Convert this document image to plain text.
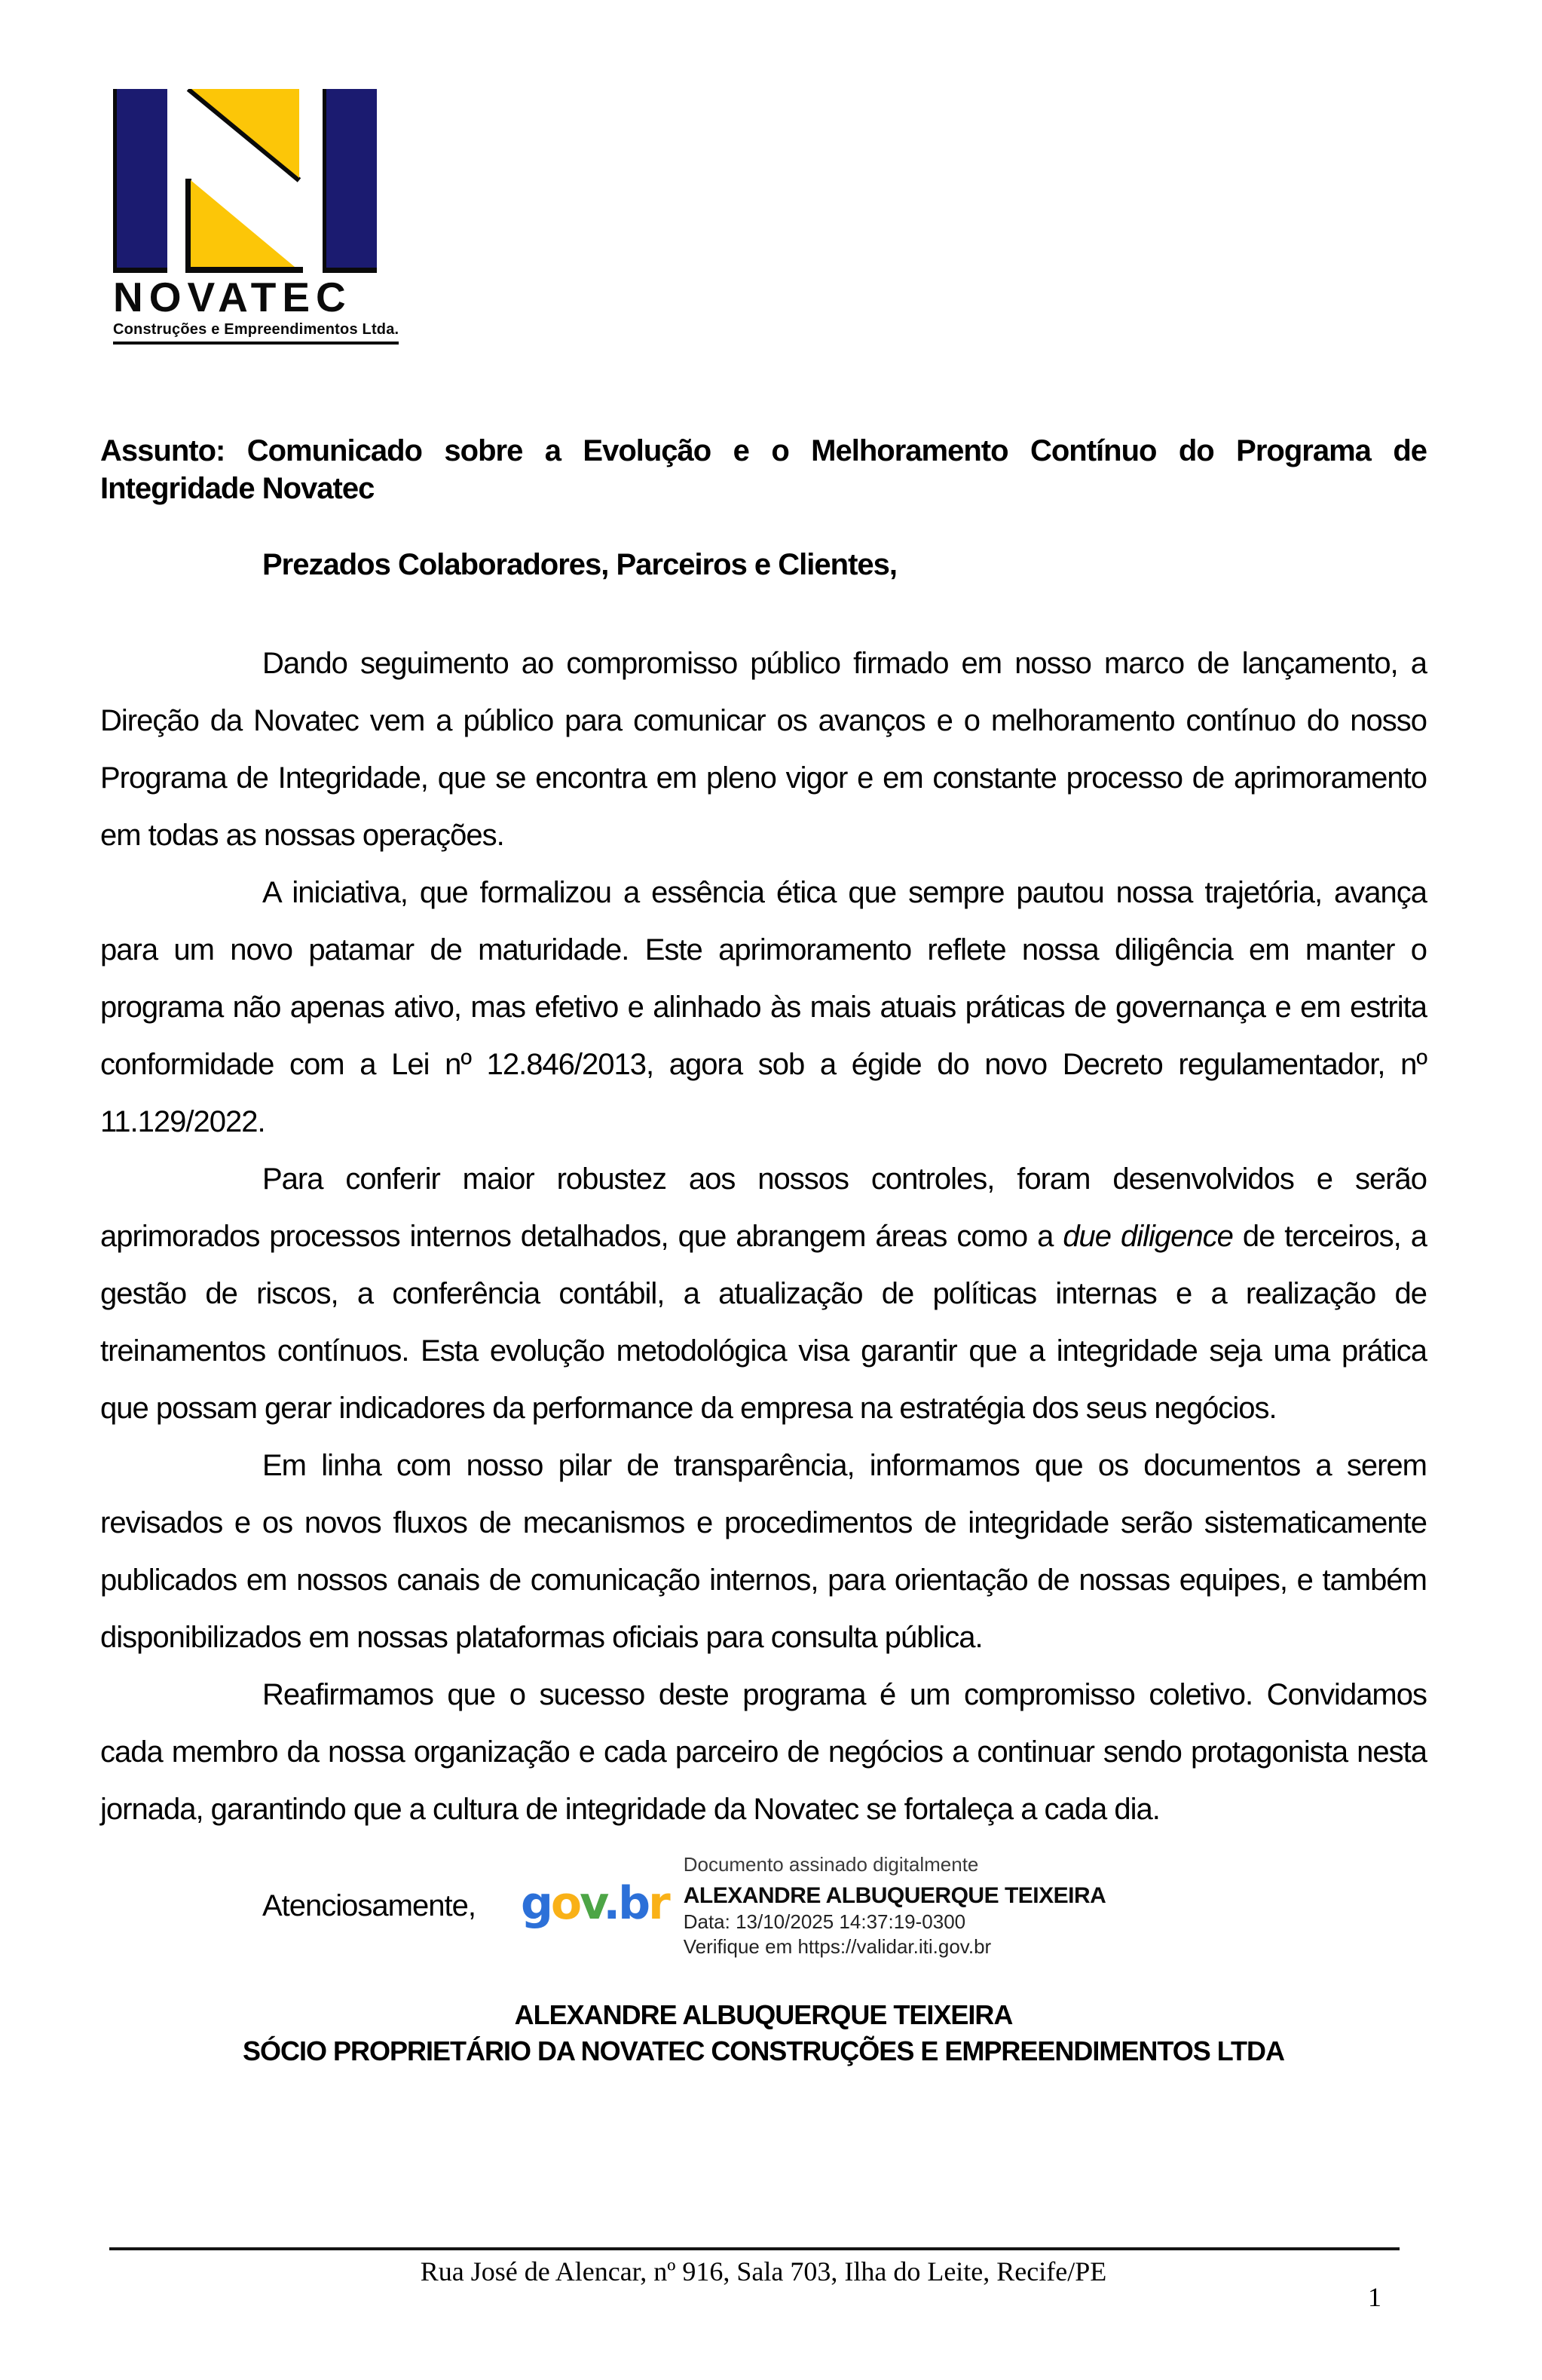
NOVATEC
Construções e Empreendimentos Ltda.

Assunto: Comunicado sobre a Evolução e o Melhoramento Contínuo do Programa de Integridade Novatec

Prezados Colaboradores, Parceiros e Clientes,

Dando seguimento ao compromisso público firmado em nosso marco de lançamento, a Direção da Novatec vem a público para comunicar os avanços e o melhoramento contínuo do nosso Programa de Integridade, que se encontra em pleno vigor e em constante processo de aprimoramento em todas as nossas operações.

A iniciativa, que formalizou a essência ética que sempre pautou nossa trajetória, avança para um novo patamar de maturidade. Este aprimoramento reflete nossa diligência em manter o programa não apenas ativo, mas efetivo e alinhado às mais atuais práticas de governança e em estrita conformidade com a Lei nº 12.846/2013, agora sob a égide do novo Decreto regulamentador, nº 11.129/2022.

Para conferir maior robustez aos nossos controles, foram desenvolvidos e serão aprimorados processos internos detalhados, que abrangem áreas como a due diligence de terceiros, a gestão de riscos, a conferência contábil, a atualização de políticas internas e a realização de treinamentos contínuos. Esta evolução metodológica visa garantir que a integridade seja uma prática que possam gerar indicadores da performance da empresa na estratégia dos seus negócios.

Em linha com nosso pilar de transparência, informamos que os documentos a serem revisados e os novos fluxos de mecanismos e procedimentos de integridade serão sistematicamente publicados em nossos canais de comunicação internos, para orientação de nossas equipes, e também disponibilizados em nossas plataformas oficiais para consulta pública.

Reafirmamos que o sucesso deste programa é um compromisso coletivo. Convidamos cada membro da nossa organização e cada parceiro de negócios a continuar sendo protagonista nesta jornada, garantindo que a cultura de integridade da Novatec se fortaleça a cada dia.

Atenciosamente, gov.br
Documento assinado digitalmente
ALEXANDRE ALBUQUERQUE TEIXEIRA
Data: 13/10/2025 14:37:19-0300
Verifique em https://validar.iti.gov.br
ALEXANDRE ALBUQUERQUE TEIXEIRA
SÓCIO PROPRIETÁRIO DA NOVATEC CONSTRUÇÕES E EMPREENDIMENTOS LTDA
Rua José de Alencar, nº 916, Sala 703, Ilha do Leite, Recife/PE
1
